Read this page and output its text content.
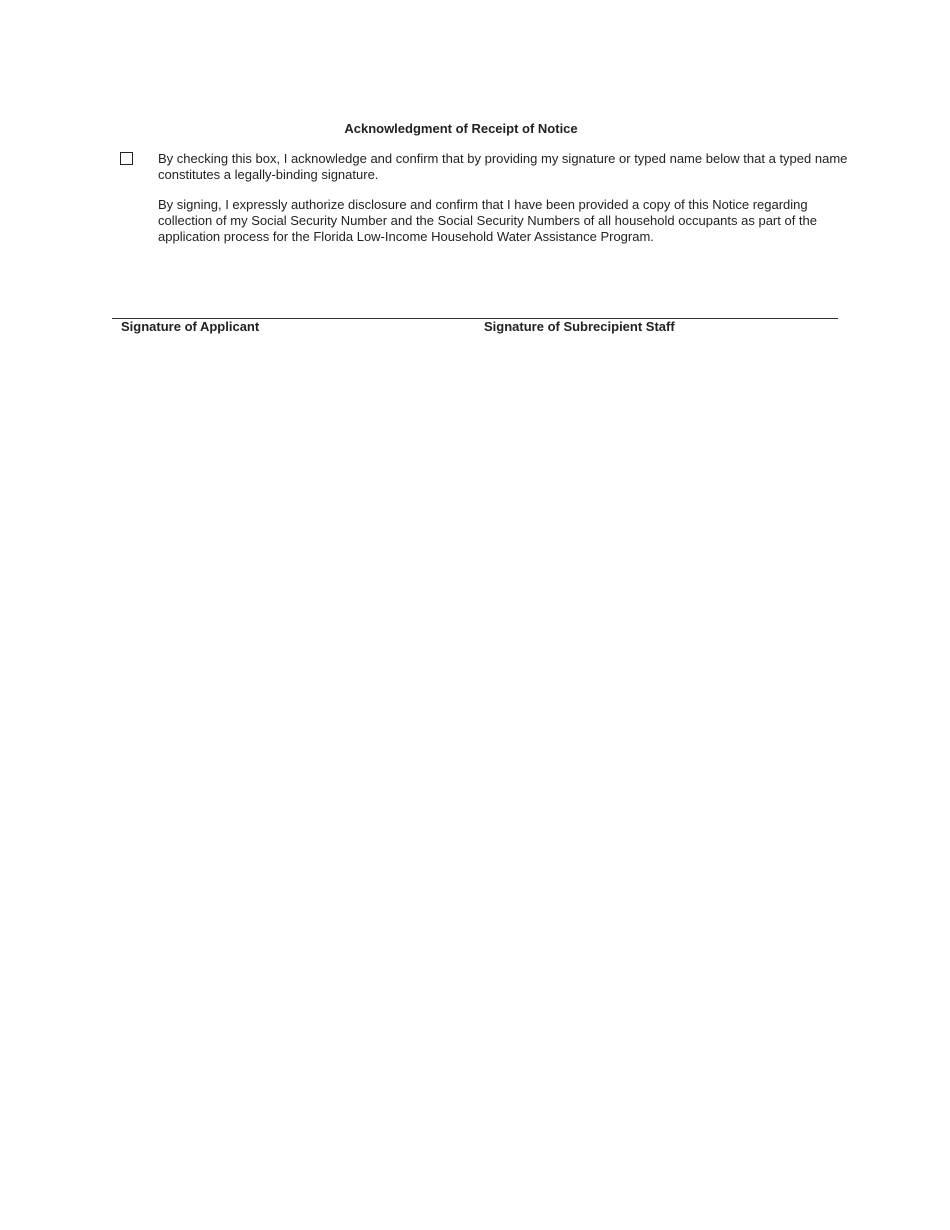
Acknowledgment of Receipt of Notice

By checking this box, I acknowledge and confirm that by providing my signature or typed name below that a typed name constitutes a legally-binding signature.

By signing, I expressly authorize disclosure and confirm that I have been provided a copy of this Notice regarding collection of my Social Security Number and the Social Security Numbers of all household occupants as part of the application process for the Florida Low-Income Household Water Assistance Program.

Signature of Applicant	Signature of Subrecipient Staff
